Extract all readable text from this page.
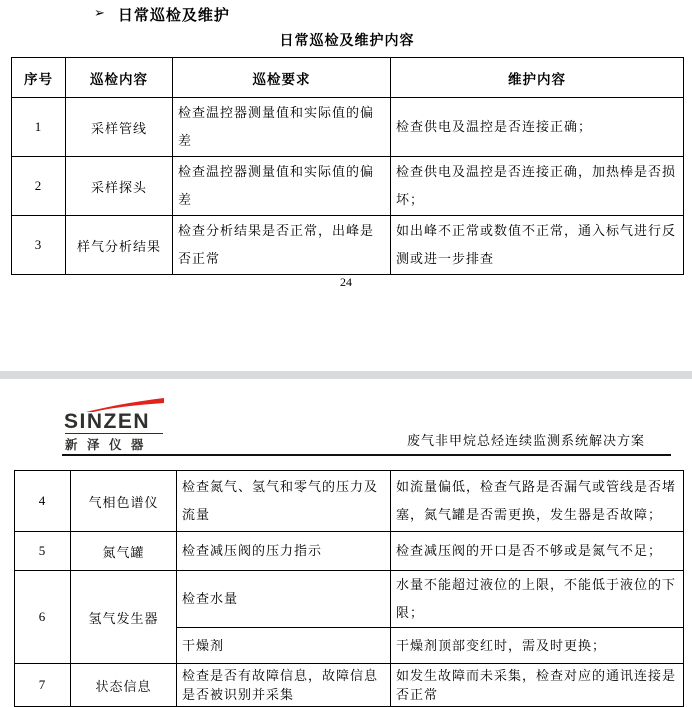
➢ 日常巡检及维护
日常巡检及维护内容
序号	巡检内容	巡检要求	维护内容
1	采样管线	检查温控器测量值和实际值的偏差	检查供电及温控是否连接正确；
2	采样探头	检查温控器测量值和实际值的偏差	检查供电及温控是否连接正确，加热棒是否损坏；
3	样气分析结果	检查分析结果是否正常，出峰是否正常	如出峰不正常或数值不正常，通入标气进行反测或进一步排查
24
SINZEN
新 泽 仪 器	废气非甲烷总烃连续监测系统解决方案
4	气相色谱仪	检查氮气、氢气和零气的压力及流量	如流量偏低，检查气路是否漏气或管线是否堵塞，氮气罐是否需更换，发生器是否故障；
5	氮气罐	检查减压阀的压力指示	检查减压阀的开口是否不够或是氮气不足；
6	氢气发生器	检查水量	水量不能超过液位的上限，不能低于液位的下限；
		干燥剂	干燥剂顶部变红时，需及时更换；
7	状态信息	检查是否有故障信息，故障信息是否被识别并采集	如发生故障而未采集，检查对应的通讯连接是否正常
